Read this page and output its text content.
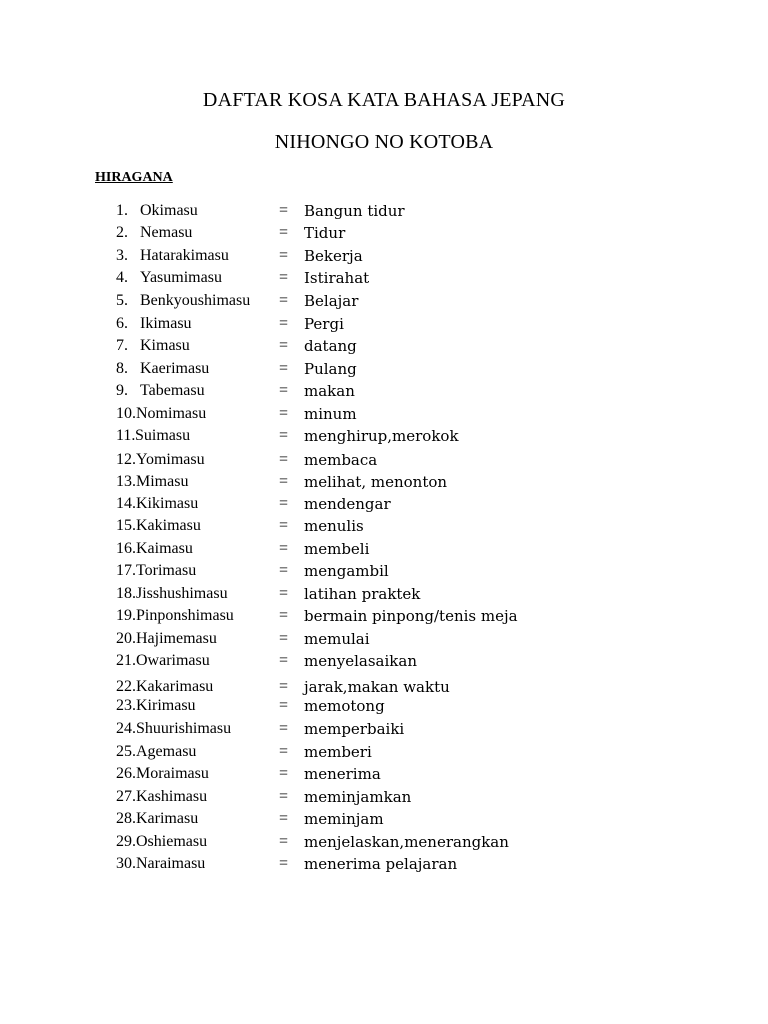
DAFTAR KOSA KATA BAHASA JEPANG
NIHONGO NO KOTOBA
HIRAGANA
1. Okimasu	= Bangun tidur
2. Nemasu	= Tidur
3. Hatarakimasu	= Bekerja
4. Yasumimasu	= Istirahat
5. Benkyoushimasu = Belajar
6. Ikimasu	= Pergi
7. Kimasu	= datang
8. Kaerimasu	= Pulang
9. Tabemasu	= makan
10. Nomimasu	= minum
11. Suimasu	= menghirup,merokok
12. Yomimasu	= membaca
13. Mimasu	= melihat, menonton
14. Kikimasu	= mendengar
15. Kakimasu	= menulis
16. Kaimasu	= membeli
17. Torimasu	= mengambil
18. Jisshushimasu	= latihan praktek
19. Pinponshimasu	= bermain pinpong/tenis meja
20. Hajimemasu	= memulai
21. Owarimasu	= menyelasaikan
22. Kakarimasu	= jarak,makan waktu
23. Kirimasu	= memotong
24. Shuurishimasu	= memperbaiki
25. Agemasu	= memberi
26. Moraimasu	= menerima
27. Kashimasu	= meminjamkan
28. Karimasu	= meminjam
29. Oshiemasu	= menjelaskan,menerangkan
30. Naraimasu	= menerima pelajaran
